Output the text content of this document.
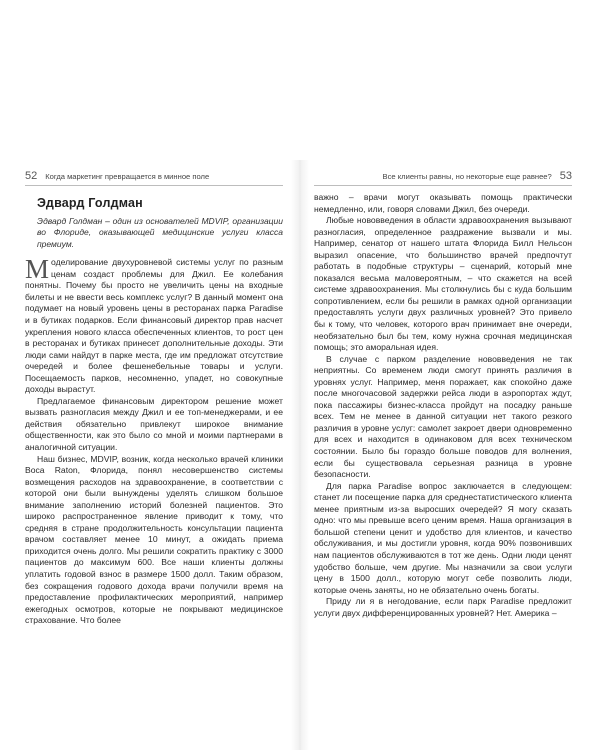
52 Когда маркетинг превращается в минное поле
Эдвард Голдман
Эдвард Голдман – один из основателей MDVIP, организации во Флориде, оказывающей медицинские услуги класса премиум.

Моделирование двухуровневой системы услуг по разным ценам создаст проблемы для Джил. Ее колебания понятны. Почему бы просто не увеличить цены на входные билеты и не ввести весь комплекс услуг? В данный момент она подумает на новый уровень цены в ресторанах парка Paradise и в бутиках подарков. Если финансовый директор прав насчет укрепления нового класса обеспеченных клиентов, то рост цен в ресторанах и бутиках принесет дополнительные доходы. Эти люди сами найдут в парке места, где им предложат отсутствие очередей и более фешенебельные товары и услуги. Посещаемость парков, несомненно, упадет, но совокупные доходы вырастут.

Предлагаемое финансовым директором решение может вызвать разногласия между Джил и ее топ-менеджерами, и ее действия обязательно привлекут широкое внимание общественности, как это было со мной и моими партнерами в аналогичной ситуации.

Наш бизнес, MDVIP, возник, когда несколько врачей клиники Boca Raton, Флорида, понял несовершенство системы возмещения расходов на здравоохранение, в соответствии с которой они были вынуждены уделять слишком большое внимание заполнению историй болезней пациентов. Это широко распространенное явление приводит к тому, что средняя в стране продолжительность консультации пациента врачом составляет менее 10 минут, а ожидать приема приходится очень долго. Мы решили сократить практику с 3000 пациентов до максимум 600. Все наши клиенты должны уплатить годовой взнос в размере 1500 долл. Таким образом, без сокращения годового дохода врачи получили время на предоставление профилактических мероприятий, например ежегодных осмотров, которые не покрывают медицинское страхование. Что более

Все клиенты равны, но некоторые еще равнее? 53

важно – врачи могут оказывать помощь практически немедленно, или, говоря словами Джил, без очереди.

Любые нововведения в области здравоохранения вызывают разногласия, определенное раздражение вызвали и мы. Например, сенатор от нашего штата Флорида Билл Нельсон выразил опасение, что большинство врачей предпочтут работать в подобные структуры – сценарий, который мне показался весьма маловероятным, – что скажется на всей системе здравоохранения. Мы столкнулись бы с куда большим сопротивлением, если бы решили в рамках одной организации предоставлять услуги двух различных уровней? Это привело бы к тому, что человек, которого врач принимает вне очереди, необязательно был бы тем, кому нужна срочная медицинская помощь; это аморальная идея.

В случае с парком разделение нововведения не так неприятны. Со временем люди смогут принять различия в уровнях услуг. Например, меня поражает, как спокойно даже после многочасовой задержки рейса люди в аэропортах ждут, пока пассажиры бизнес-класса пройдут на посадку раньше всех. Тем не менее в данной ситуации нет такого резкого различия в уровне услуг: самолет закроет двери одновременно для всех и находится в одинаковом для всех техническом состоянии. Было бы гораздо больше поводов для волнения, если бы существовала серьезная разница в уровне безопасности.

Для парка Paradise вопрос заключается в следующем: станет ли посещение парка для среднестатистического клиента менее приятным из-за выросших очередей? Я могу сказать одно: что мы превыше всего ценим время. Наша организация в большой степени ценит и удобство для клиентов, и качество обслуживания, и мы достигли уровня, когда 90% позвонивших нам пациентов обслуживаются в тот же день. Одни люди ценят удобство больше, чем другие. Мы назначили за свои услуги цену в 1500 долл., которую могут себе позволить люди, которые очень заняты, но не обязательно очень богаты.

Приду ли я в негодование, если парк Paradise предложит услуги двух дифференцированных уровней? Нет. Америка –
